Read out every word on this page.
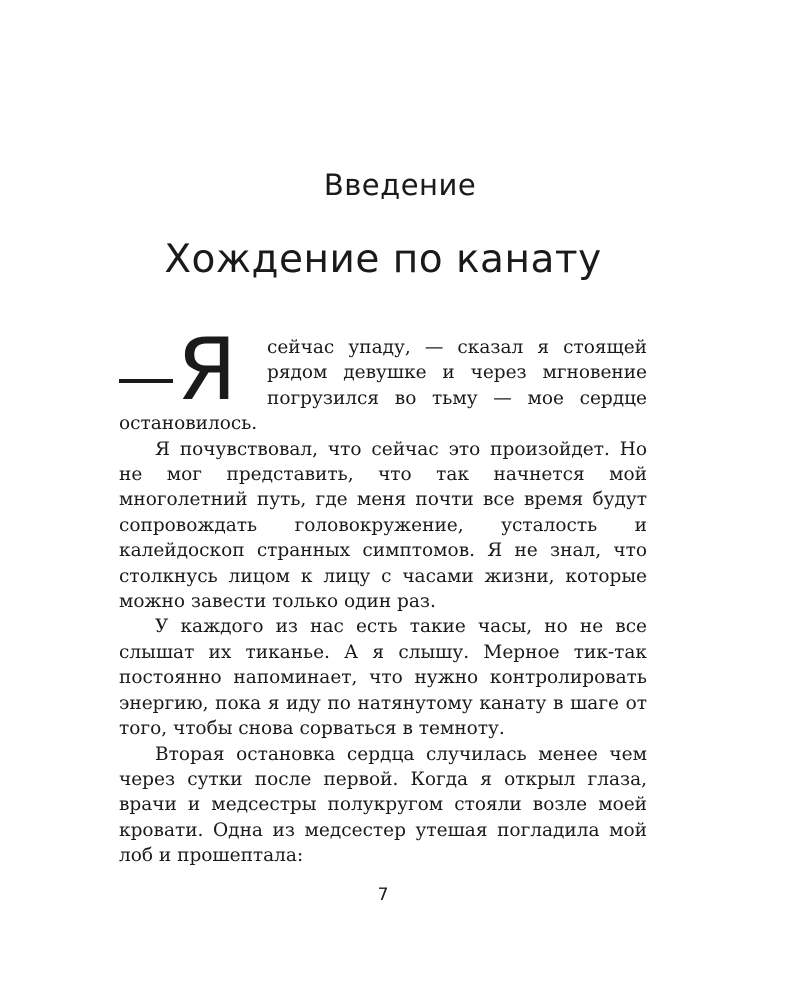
Введение
Хождение по канату
Я	сейчас упаду, — сказал я стоящей рядом девушке и через мгновение погрузился во тьму — мое сердце остановилось.

Я почувствовал, что сейчас это произойдет. Но не мог представить, что так начнется мой многолетний путь, где меня почти все время будут сопровождать головокружение, усталость и калейдоскоп странных симптомов. Я не знал, что столкнусь лицом к лицу с часами жизни, которые можно завести только один раз.

У каждого из нас есть такие часы, но не все слышат их тиканье. А я слышу. Мерное тик-так постоянно напоминает, что нужно контролировать энергию, пока я иду по натянутому канату в шаге от того, чтобы снова сорваться в темноту.

Вторая остановка сердца случилась менее чем через сутки после первой. Когда я открыл глаза, врачи и медсестры полукругом стояли возле моей кровати. Одна из медсестер утешая погладила мой лоб и прошептала:

7
